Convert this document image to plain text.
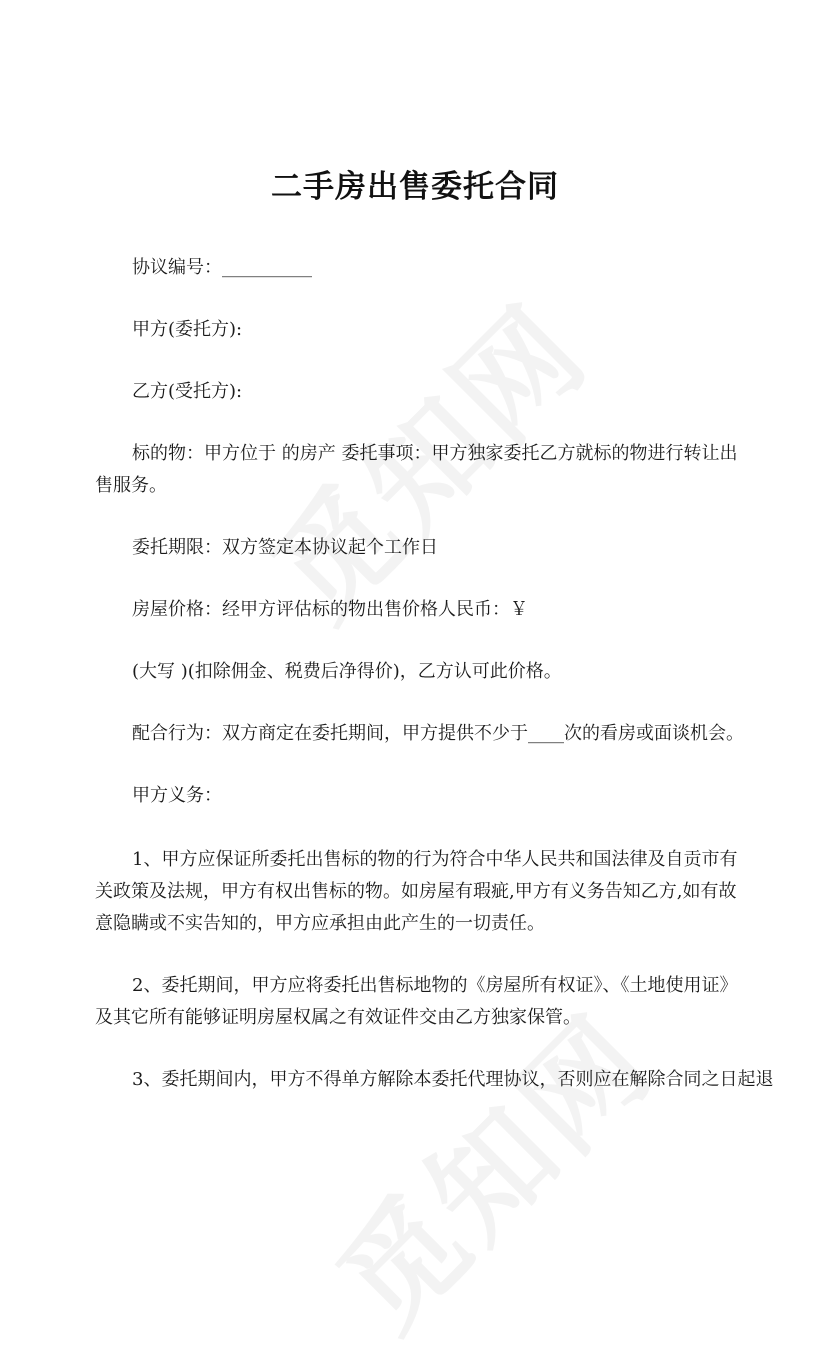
二手房出售委托合同

协议编号：__________

甲方(委托方):

乙方(受托方):

标的物：甲方位于 的房产 委托事项：甲方独家委托乙方就标的物进行转让出售服务。

委托期限：双方签定本协议起个工作日

房屋价格：经甲方评估标的物出售价格人民币：￥

(大写 )(扣除佣金、税费后净得价)，乙方认可此价格。

配合行为：双方商定在委托期间，甲方提供不少于____次的看房或面谈机会。

甲方义务：

1、甲方应保证所委托出售标的物的行为符合中华人民共和国法律及自贡市有关政策及法规，甲方有权出售标的物。如房屋有瑕疵,甲方有义务告知乙方,如有故意隐瞒或不实告知的，甲方应承担由此产生的一切责任。

2、委托期间，甲方应将委托出售标地物的《房屋所有权证》、《土地使用证》及其它所有能够证明房屋权属之有效证件交由乙方独家保管。

3、委托期间内，甲方不得单方解除本委托代理协议，否则应在解除合同之日起退
